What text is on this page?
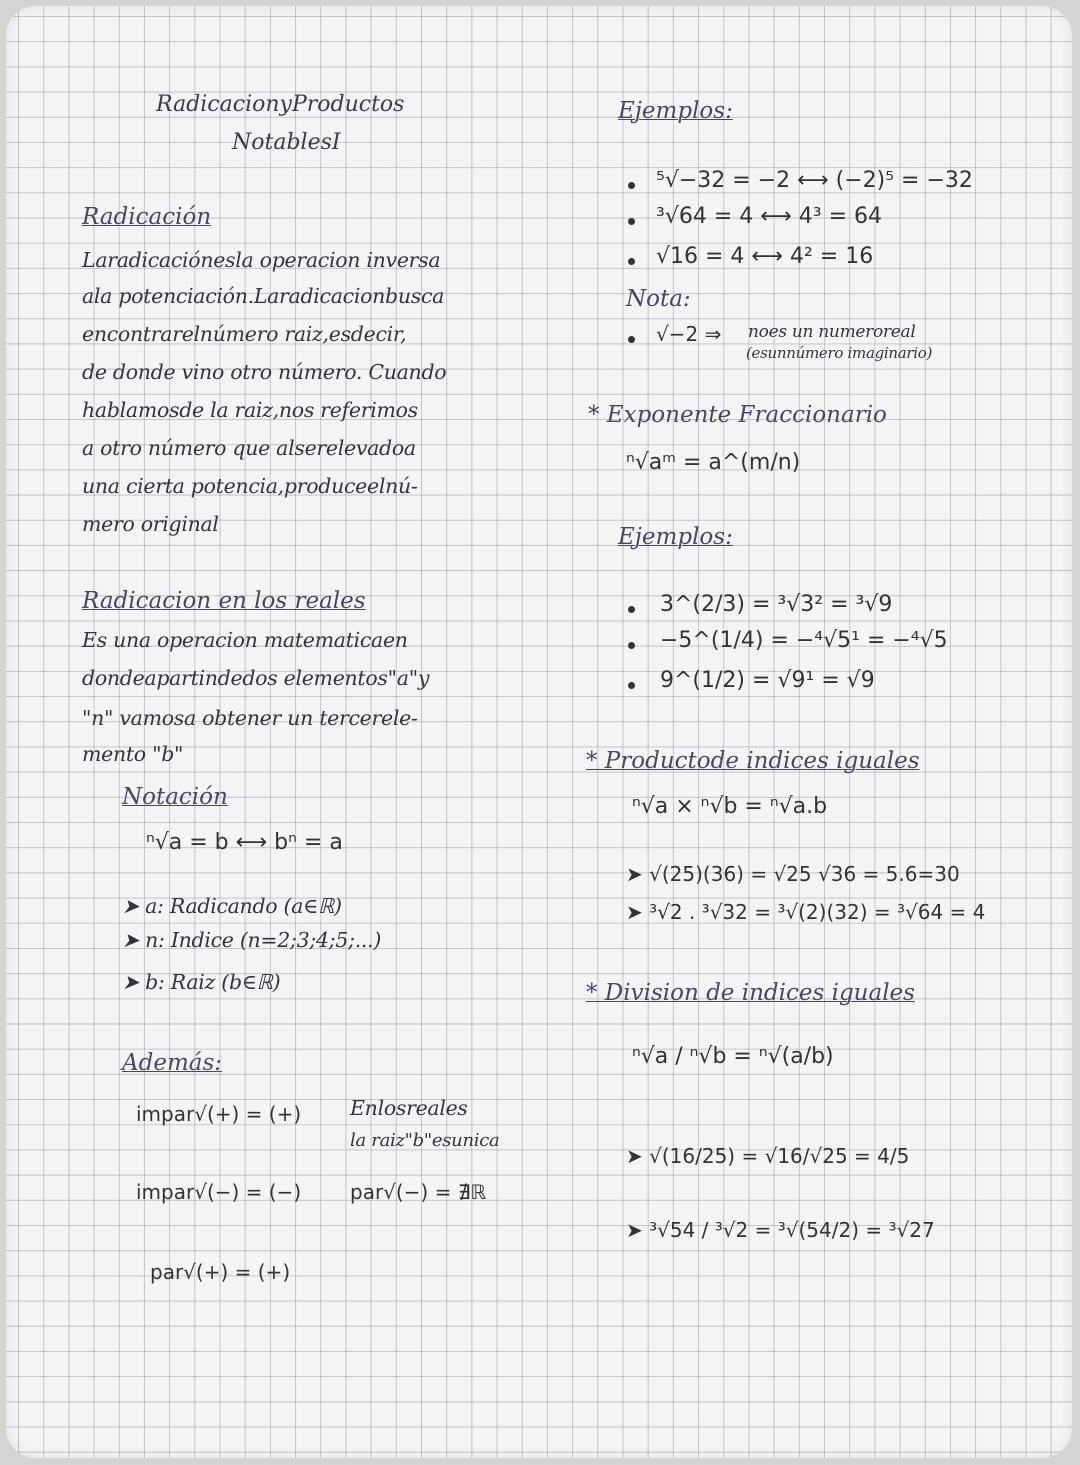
RadicacionyProductos
NotablesI
Radicación
Laradicaciónesla operacion inversa
ala potenciación.Laradicacionbusca
encontrarelnúmero raiz,esdecir,
de donde vino otro número. Cuando
hablamosde la raiz,nos referimos
a otro número que alserelevadoa
una cierta potencia,produceelnú-
mero original
Radicacion en los reales
Es una operacion matematicaen
dondeapartindedos elementos"a"y
"n" vamosa obtener un tercerele-
mento "b"
Notación
ⁿ√a = b ⟷ bⁿ = a
➤ a: Radicando (a∈ℝ)
➤ n: Indice (n=2;3;4;5;...)
➤ b: Raiz (b∈ℝ)
Además:
impar√(+) = (+)
impar√(−) = (−)
par√(+) = (+)
Enlosreales
la raiz"b"esunica
par√(−) = ∄ℝ
Ejemplos:
⁵√−32 = −2 ⟷ (−2)⁵ = −32
³√64 = 4 ⟷ 4³ = 64
√16 = 4 ⟷ 4² = 16
Nota:
√−2 ⇒ noes un numeroreal
(esunnúmero imaginario)
* Exponente Fraccionario
ⁿ√aᵐ = a^(m/n)
Ejemplos:
3^(2/3) = ³√3² = ³√9
−5^(1/4) = −⁴√5¹ = −⁴√5
9^(1/2) = √9¹ = √9
* Productode indices iguales
ⁿ√a × ⁿ√b = ⁿ√a.b
➤ √(25)(36) = √25 √36 = 5.6=30
➤ ³√2 . ³√32 = ³√(2)(32) = ³√64 = 4
* Division de indices iguales
ⁿ√a / ⁿ√b = ⁿ√(a/b)
➤ √(16/25) = √16/√25 = 4/5
➤ ³√54 / ³√2 = ³√(54/2) = ³√27
